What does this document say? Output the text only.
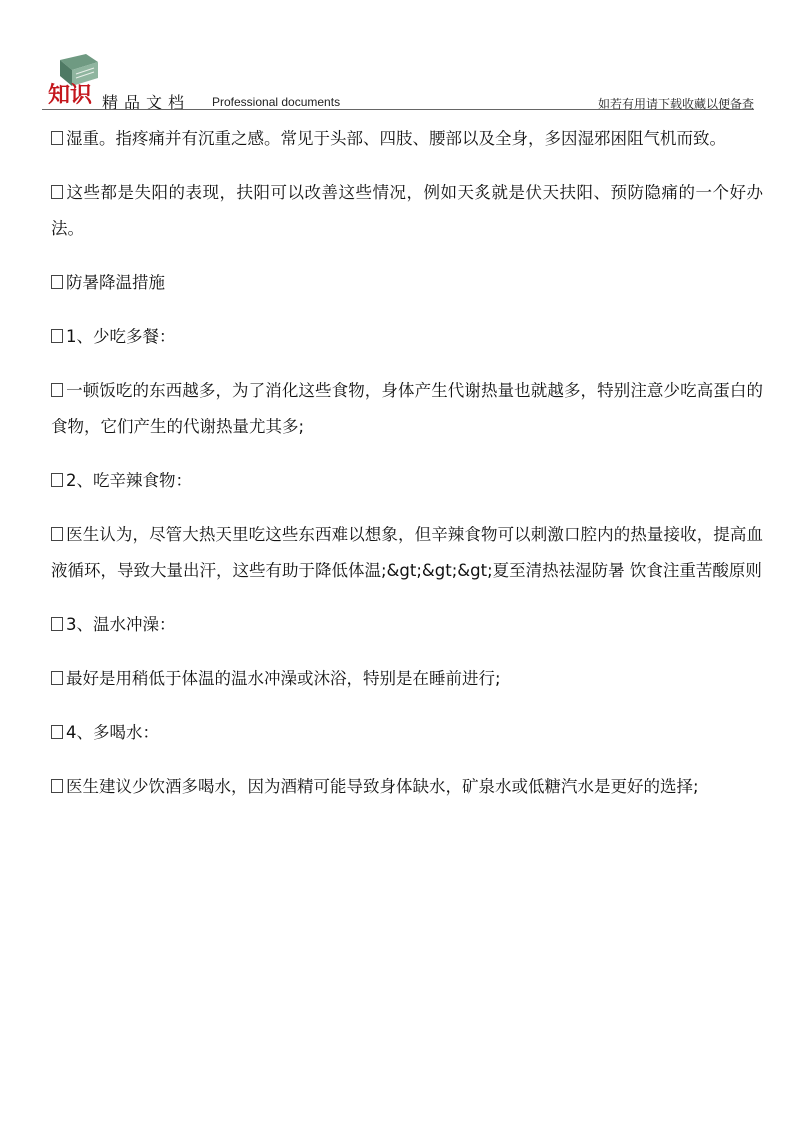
知识 精品文档 Professional documents	如若有用请下载收藏以便备查

湿重。指疼痛并有沉重之感。常见于头部、四肢、腰部以及全身，多因湿邪困阻气机而致。

这些都是失阳的表现，扶阳可以改善这些情况，例如天炙就是伏天扶阳、预防隐痛的一个好办法。

防暑降温措施

1、少吃多餐：

一顿饭吃的东西越多，为了消化这些食物，身体产生代谢热量也就越多，特别注意少吃高蛋白的食物，它们产生的代谢热量尤其多;

2、吃辛辣食物：

医生认为，尽管大热天里吃这些东西难以想象，但辛辣食物可以刺激口腔内的热量接收，提高血液循环，导致大量出汗，这些有助于降低体温;&gt;&gt;&gt;夏至清热祛湿防暑 饮食注重苦酸原则

3、温水冲澡：

最好是用稍低于体温的温水冲澡或沐浴，特别是在睡前进行;

4、多喝水：

医生建议少饮酒多喝水，因为酒精可能导致身体缺水，矿泉水或低糖汽水是更好的选择;
